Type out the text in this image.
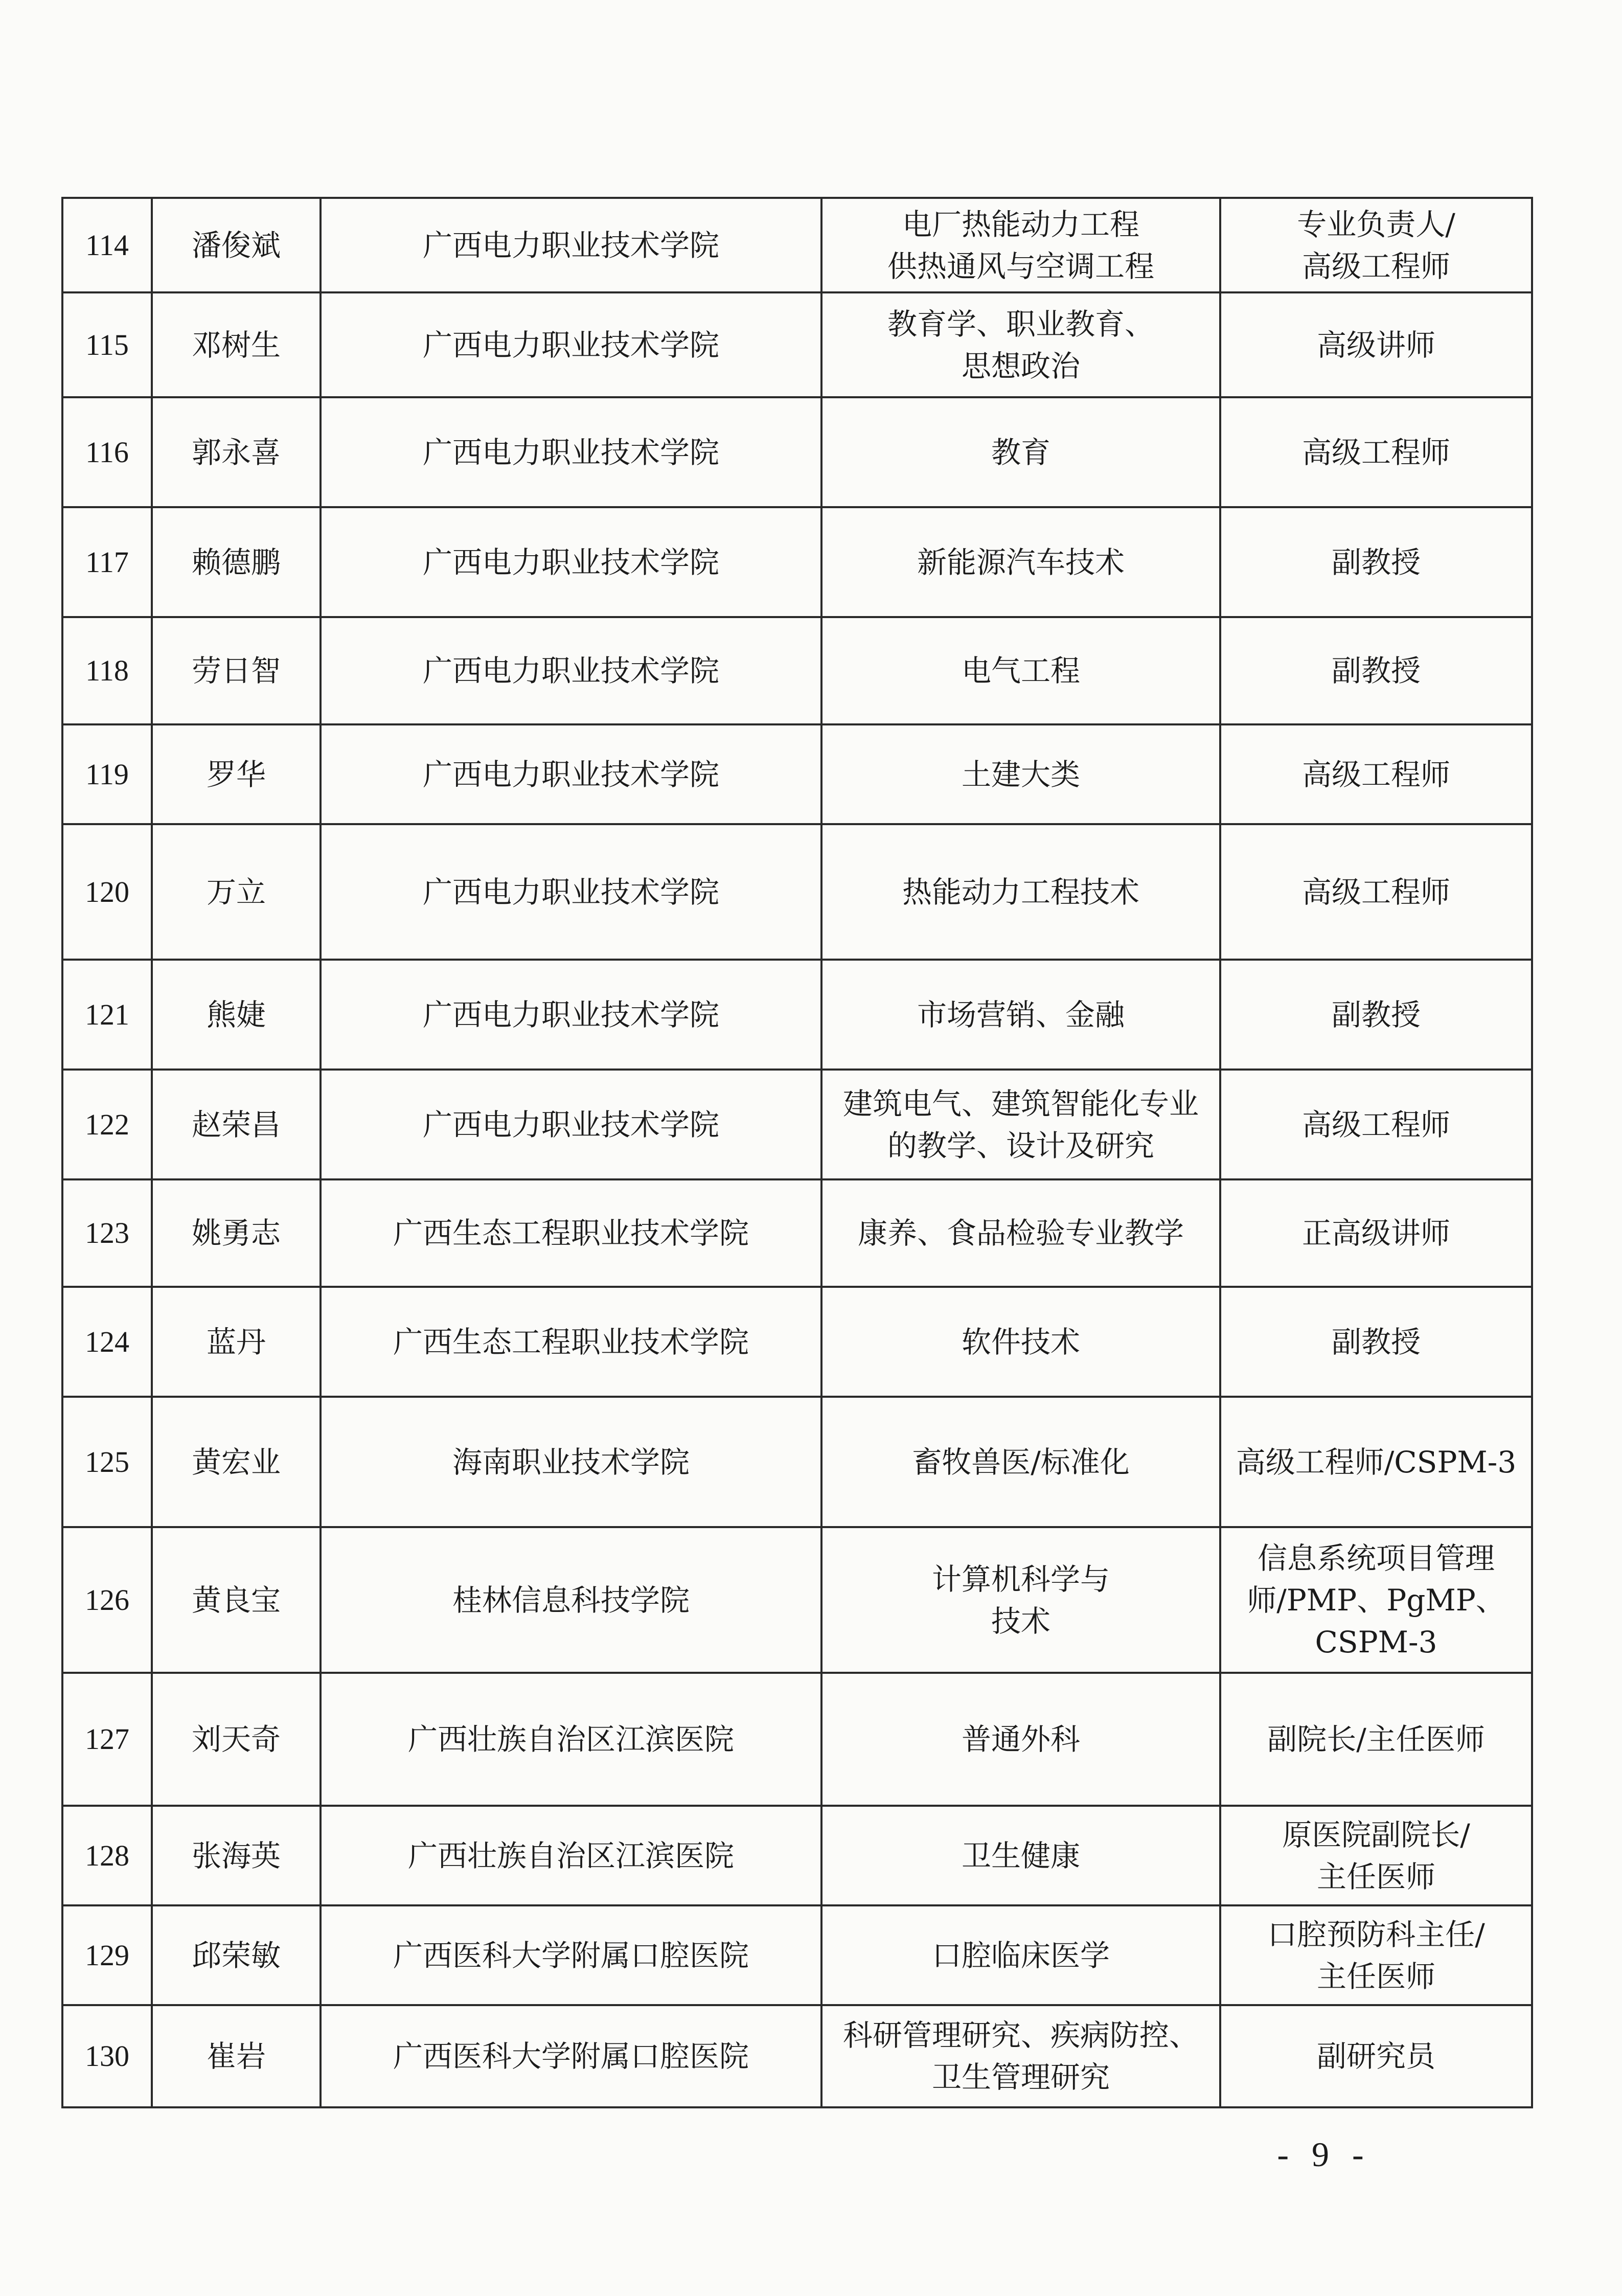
114	潘俊斌	广西电力职业技术学院	电厂热能动力工程
供热通风与空调工程	专业负责人/
高级工程师

115	邓树生	广西电力职业技术学院	教育学、职业教育、
思想政治	高级讲师

116	郭永喜	广西电力职业技术学院	教育	高级工程师

117	赖德鹏	广西电力职业技术学院	新能源汽车技术	副教授

118	劳日智	广西电力职业技术学院	电气工程	副教授

119	罗华	广西电力职业技术学院	土建大类	高级工程师

120	万立	广西电力职业技术学院	热能动力工程技术	高级工程师

121	熊婕	广西电力职业技术学院	市场营销、金融	副教授

122	赵荣昌	广西电力职业技术学院	建筑电气、建筑智能化专业
的教学、设计及研究	高级工程师

123	姚勇志	广西生态工程职业技术学院	康养、食品检验专业教学	正高级讲师

124	蓝丹	广西生态工程职业技术学院	软件技术	副教授

125	黄宏业	海南职业技术学院	畜牧兽医/标准化	高级工程师/CSPM-3

126	黄良宝	桂林信息科技学院	计算机科学与
技术	信息系统项目管理
师/PMP、PgMP、
CSPM-3

127	刘天奇	广西壮族自治区江滨医院	普通外科	副院长/主任医师

128	张海英	广西壮族自治区江滨医院	卫生健康	原医院副院长/
主任医师

129	邱荣敏	广西医科大学附属口腔医院	口腔临床医学	口腔预防科主任/
主任医师

130	崔岩	广西医科大学附属口腔医院	科研管理研究、疾病防控、
卫生管理研究	副研究员
- 9 -
